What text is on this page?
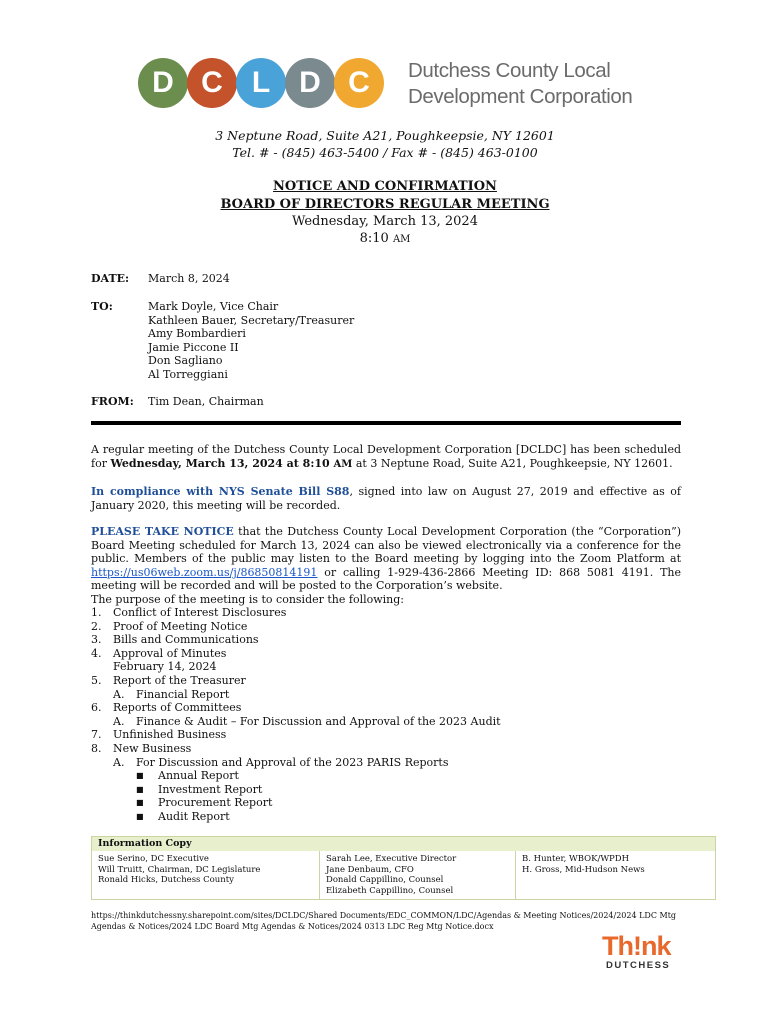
D C L D C	Dutchess County Local
Development Corporation
3 Neptune Road, Suite A21, Poughkeepsie, NY 12601
Tel. # - (845) 463-5400 / Fax # - (845) 463-0100
NOTICE AND CONFIRMATION
BOARD OF DIRECTORS REGULAR MEETING
Wednesday, March 13, 2024
8:10 AM
DATE: March 8, 2024
TO:	Mark Doyle, Vice Chair
Kathleen Bauer, Secretary/Treasurer
Amy Bombardieri
Jamie Piccone II
Don Sagliano
Al Torreggiani
FROM: Tim Dean, Chairman
A regular meeting of the Dutchess County Local Development Corporation [DCLDC] has been scheduled for Wednesday, March 13, 2024 at 8:10 AM at 3 Neptune Road, Suite A21, Poughkeepsie, NY 12601.
In compliance with NYS Senate Bill S88, signed into law on August 27, 2019 and effective as of January 2020, this meeting will be recorded.
PLEASE TAKE NOTICE that the Dutchess County Local Development Corporation (the “Corporation”) Board Meeting scheduled for March 13, 2024 can also be viewed electronically via a conference for the public. Members of the public may listen to the Board meeting by logging into the Zoom Platform at https://us06web.zoom.us/j/86850814191 or calling 1-929-436-2866 Meeting ID: 868 5081 4191. The meeting will be recorded and will be posted to the Corporation’s website.
The purpose of the meeting is to consider the following:
1. Conflict of Interest Disclosures
2. Proof of Meeting Notice
3. Bills and Communications
4. Approval of Minutes
February 14, 2024
5. Report of the Treasurer
A. Financial Report
6. Reports of Committees
A. Finance & Audit – For Discussion and Approval of the 2023 Audit
7. Unfinished Business
8. New Business
A. For Discussion and Approval of the 2023 PARIS Reports
■ Annual Report
■ Investment Report
■ Procurement Report
■ Audit Report
Information Copy
Sue Serino, DC Executive
Will Truitt, Chairman, DC Legislature
Ronald Hicks, Dutchess County
Sarah Lee, Executive Director
Jane Denbaum, CFO
Donald Cappillino, Counsel
Elizabeth Cappillino, Counsel
B. Hunter, WBOK/WPDH
H. Gross, Mid-Hudson News
https://thinkdutchessny.sharepoint.com/sites/DCLDC/Shared Documents/EDC_COMMON/LDC/Agendas & Meeting Notices/2024/2024 LDC Mtg Agendas & Notices/2024 LDC Board Mtg Agendas & Notices/2024 0313 LDC Reg Mtg Notice.docx
Th!nk
DUTCHESS
